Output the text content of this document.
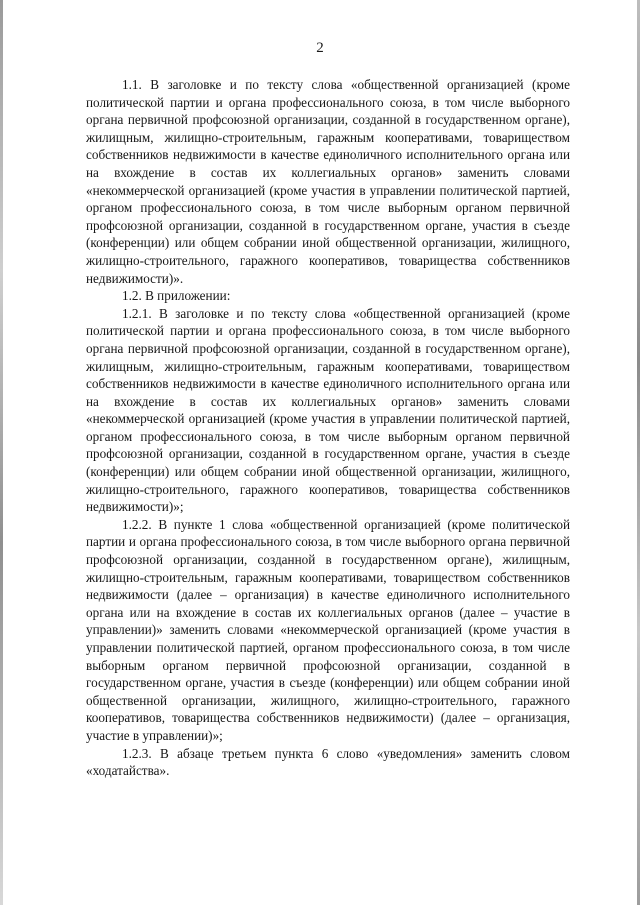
2

1.1. В заголовке и по тексту слова «общественной организацией (кроме политической партии и органа профессионального союза, в том числе выборного органа первичной профсоюзной организации, созданной в государственном органе), жилищным, жилищно-строительным, гаражным кооперативами, товариществом собственников недвижимости в качестве единоличного исполнительного органа или на вхождение в состав их коллегиальных органов» заменить словами «некоммерческой организацией (кроме участия в управлении политической партией, органом профессионального союза, в том числе выборным органом первичной профсоюзной организации, созданной в государственном органе, участия в съезде (конференции) или общем собрании иной общественной организации, жилищного, жилищно-строительного, гаражного кооперативов, товарищества собственников недвижимости)».

1.2. В приложении:

1.2.1. В заголовке и по тексту слова «общественной организацией (кроме политической партии и органа профессионального союза, в том числе выборного органа первичной профсоюзной организации, созданной в государственном органе), жилищным, жилищно-строительным, гаражным кооперативами, товариществом собственников недвижимости в качестве единоличного исполнительного органа или на вхождение в состав их коллегиальных органов» заменить словами «некоммерческой организацией (кроме участия в управлении политической партией, органом профессионального союза, в том числе выборным органом первичной профсоюзной организации, созданной в государственном органе, участия в съезде (конференции) или общем собрании иной общественной организации, жилищного, жилищно-строительного, гаражного кооперативов, товарищества собственников недвижимости)»;

1.2.2. В пункте 1 слова «общественной организацией (кроме политической партии и органа профессионального союза, в том числе выборного органа первичной профсоюзной организации, созданной в государственном органе), жилищным, жилищно-строительным, гаражным кооперативами, товариществом собственников недвижимости (далее – организация) в качестве единоличного исполнительного органа или на вхождение в состав их коллегиальных органов (далее – участие в управлении)» заменить словами «некоммерческой организацией (кроме участия в управлении политической партией, органом профессионального союза, в том числе выборным органом первичной профсоюзной организации, созданной в государственном органе, участия в съезде (конференции) или общем собрании иной общественной организации, жилищного, жилищно-строительного, гаражного кооперативов, товарищества собственников недвижимости) (далее – организация, участие в управлении)»;

1.2.3. В абзаце третьем пункта 6 слово «уведомления» заменить словом «ходатайства».
